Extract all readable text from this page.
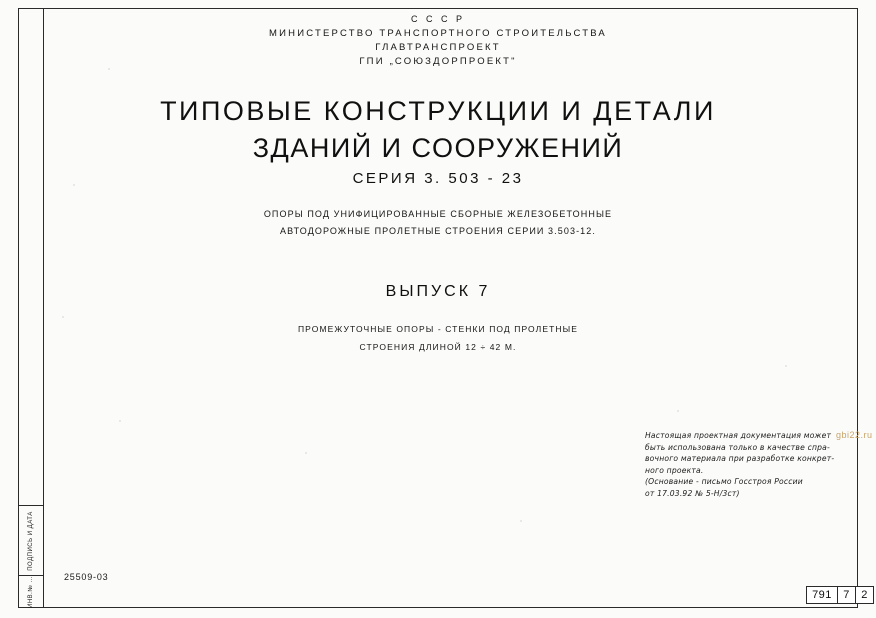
ПОДПИСЬ И ДАТА
ИНВ.№ ...
С С С Р
МИНИСТЕРСТВО ТРАНСПОРТНОГО СТРОИТЕЛЬСТВА
ГЛАВТРАНСПРОЕКТ
ГПИ „СОЮЗДОРПРОЕКТ"
ТИПОВЫЕ КОНСТРУКЦИИ И ДЕТАЛИ
ЗДАНИЙ И СООРУЖЕНИЙ
СЕРИЯ 3. 503 - 23
ОПОРЫ ПОД УНИФИЦИРОВАННЫЕ СБОРНЫЕ ЖЕЛЕЗОБЕТОННЫЕ
АВТОДОРОЖНЫЕ ПРОЛЕТНЫЕ СТРОЕНИЯ СЕРИИ 3.503-12.
ВЫПУСК 7
ПРОМЕЖУТОЧНЫЕ ОПОРЫ - СТЕНКИ ПОД ПРОЛЕТНЫЕ
СТРОЕНИЯ ДЛИНОЙ 12 ÷ 42 М.
Настоящая проектная документация может
быть использована только в качестве спра-
вочного материала при разработке конкрет-
ного проекта.
(Основание - письмо Госстроя России
от 17.03.92 № 5-Н/3ст)
gbi22.ru
25509-03
791	7	2
